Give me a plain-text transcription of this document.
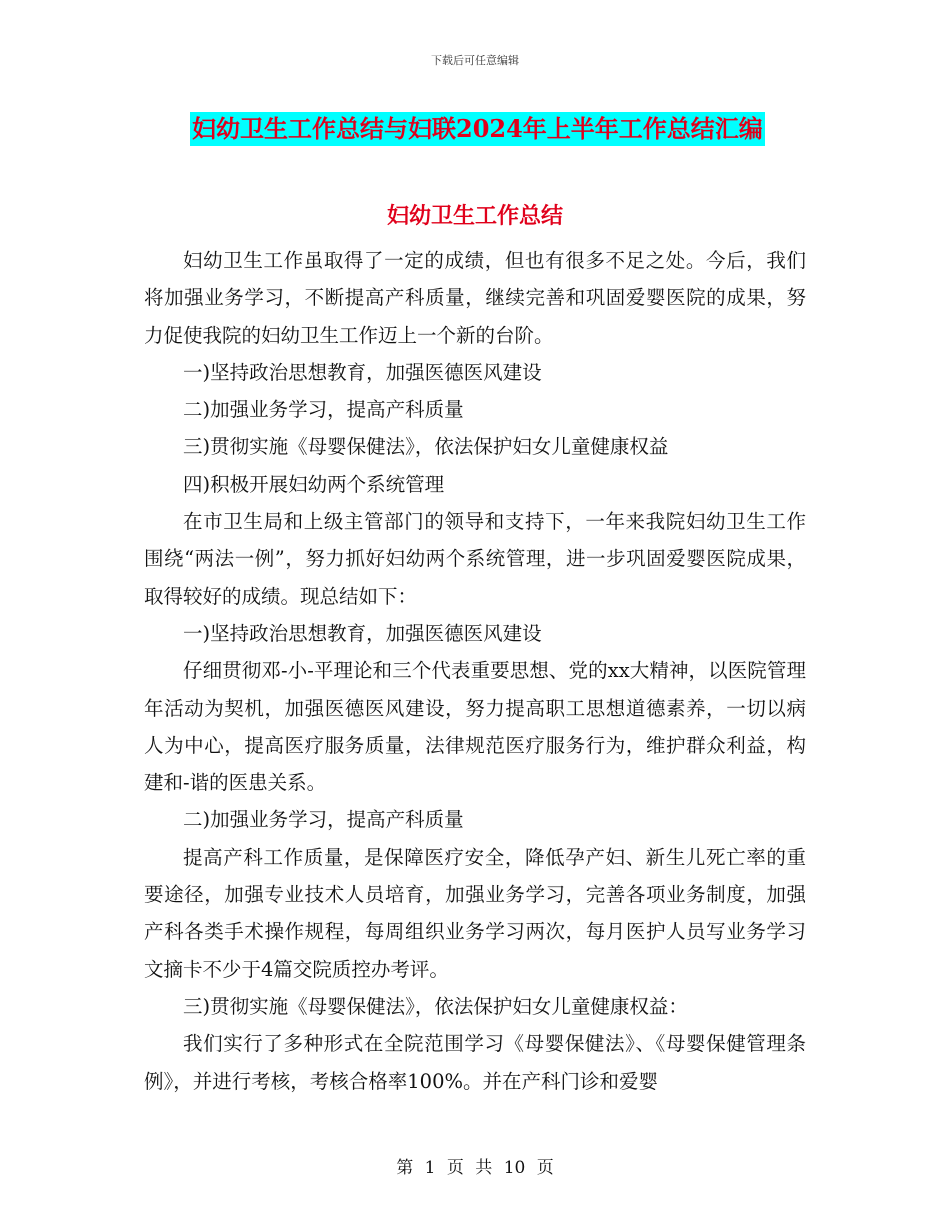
下载后可任意编辑
妇幼卫生工作总结与妇联2024年上半年工作总结汇编
妇幼卫生工作总结

妇幼卫生工作虽取得了一定的成绩，但也有很多不足之处。今后，我们将加强业务学习，不断提高产科质量，继续完善和巩固爱婴医院的成果，努力促使我院的妇幼卫生工作迈上一个新的台阶。

一)坚持政治思想教育，加强医德医风建设

二)加强业务学习，提高产科质量

三)贯彻实施《母婴保健法》，依法保护妇女儿童健康权益

四)积极开展妇幼两个系统管理

在市卫生局和上级主管部门的领导和支持下，一年来我院妇幼卫生工作围绕“两法一例”，努力抓好妇幼两个系统管理，进一步巩固爱婴医院成果，取得较好的成绩。现总结如下：

一)坚持政治思想教育，加强医德医风建设

仔细贯彻邓-小-平理论和三个代表重要思想、党的xx大精神，以医院管理年活动为契机，加强医德医风建设，努力提高职工思想道德素养，一切以病人为中心，提高医疗服务质量，法律规范医疗服务行为，维护群众利益，构建和-谐的医患关系。

二)加强业务学习，提高产科质量

提高产科工作质量，是保障医疗安全，降低孕产妇、新生儿死亡率的重要途径，加强专业技术人员培育，加强业务学习，完善各项业务制度，加强产科各类手术操作规程，每周组织业务学习两次，每月医护人员写业务学习文摘卡不少于4篇交院质控办考评。

三)贯彻实施《母婴保健法》，依法保护妇女儿童健康权益：

我们实行了多种形式在全院范围学习《母婴保健法》、《母婴保健管理条例》，并进行考核，考核合格率100%。并在产科门诊和爱婴

第 1 页 共 10 页
